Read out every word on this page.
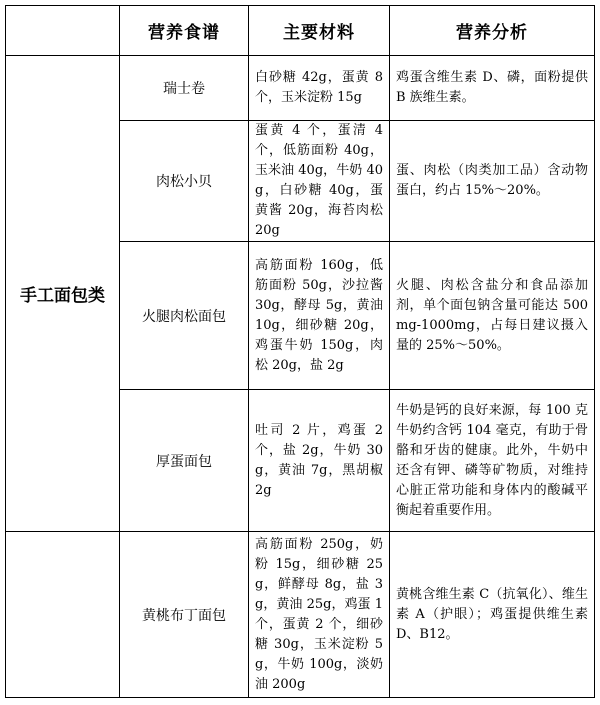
	营养食谱	主要材料	营养分析
手工面包类	瑞士卷	白砂糖 42g，蛋黄 8 个，玉米淀粉 15g	鸡蛋含维生素 D、磷，面粉提供 B 族维生素。
	肉松小贝	蛋黄 4 个，蛋清 4 个，低筋面粉 40g，玉米油 40g，牛奶 40g，白砂糖 40g，蛋黄酱 20g，海苔肉松 20g	蛋、肉松（肉类加工品）含动物蛋白，约占 15%～20%。
	火腿肉松面包	高筋面粉 160g，低筋面粉 50g，沙拉酱 30g，酵母 5g，黄油 10g，细砂糖 20g，鸡蛋牛奶 150g，肉松 20g，盐 2g	火腿、肉松含盐分和食品添加剂，单个面包钠含量可能达 500mg-1000mg，占每日建议摄入量的 25%～50%。
	厚蛋面包	吐司 2 片，鸡蛋 2 个，盐 2g，牛奶 30g，黄油 7g，黑胡椒 2g	牛奶是钙的良好来源，每 100 克牛奶约含钙 104 毫克，有助于骨骼和牙齿的健康。此外，牛奶中还含有钾、磷等矿物质，对维持心脏正常功能和身体内的酸碱平衡起着重要作用。
	黄桃布丁面包	高筋面粉 250g，奶粉 15g，细砂糖 25g，鲜酵母 8g，盐 3g，黄油 25g，鸡蛋 1 个，蛋黄 2 个，细砂糖 30g，玉米淀粉 5g，牛奶 100g，淡奶油 200g	黄桃含维生素 C（抗氧化）、维生素 A（护眼）；鸡蛋提供维生素 D、B12。
